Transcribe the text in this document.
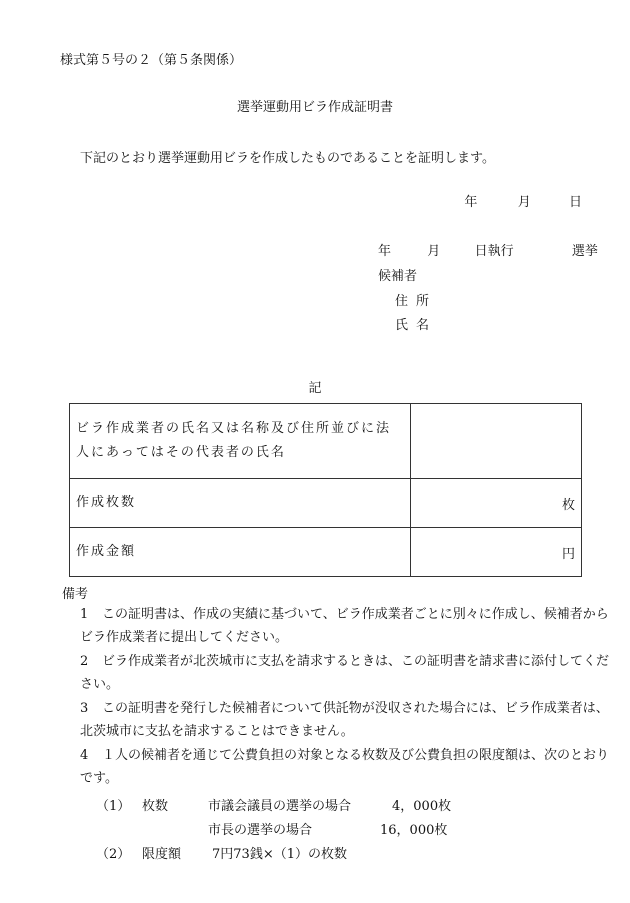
様式第５号の２（第５条関係）
選挙運動用ビラ作成証明書
下記のとおり選挙運動用ビラを作成したものであることを証明します。
年	月	日
年	月	日執行	選挙
候補者
住所
氏名
記
ビラ作成業者の氏名又は名称及び住所並びに法人にあってはその代表者の氏名	
作成枚数	枚
作成金額	円
備考
1 この証明書は、作成の実績に基づいて、ビラ作成業者ごとに別々に作成し、候補者からビラ作成業者に提出してください。
2 ビラ作成業者が北茨城市に支払を請求するときは、この証明書を請求書に添付してください。
3 この証明書を発行した候補者について供託物が没収された場合には、ビラ作成業者は、北茨城市に支払を請求することはできません。
4 １人の候補者を通じて公費負担の対象となる枚数及び公費負担の限度額は、次のとおりです。
（1） 枚数	市議会議員の選挙の場合	4，000枚
市長の選挙の場合	16，000枚
（2） 限度額 7円73銭×（1）の枚数
